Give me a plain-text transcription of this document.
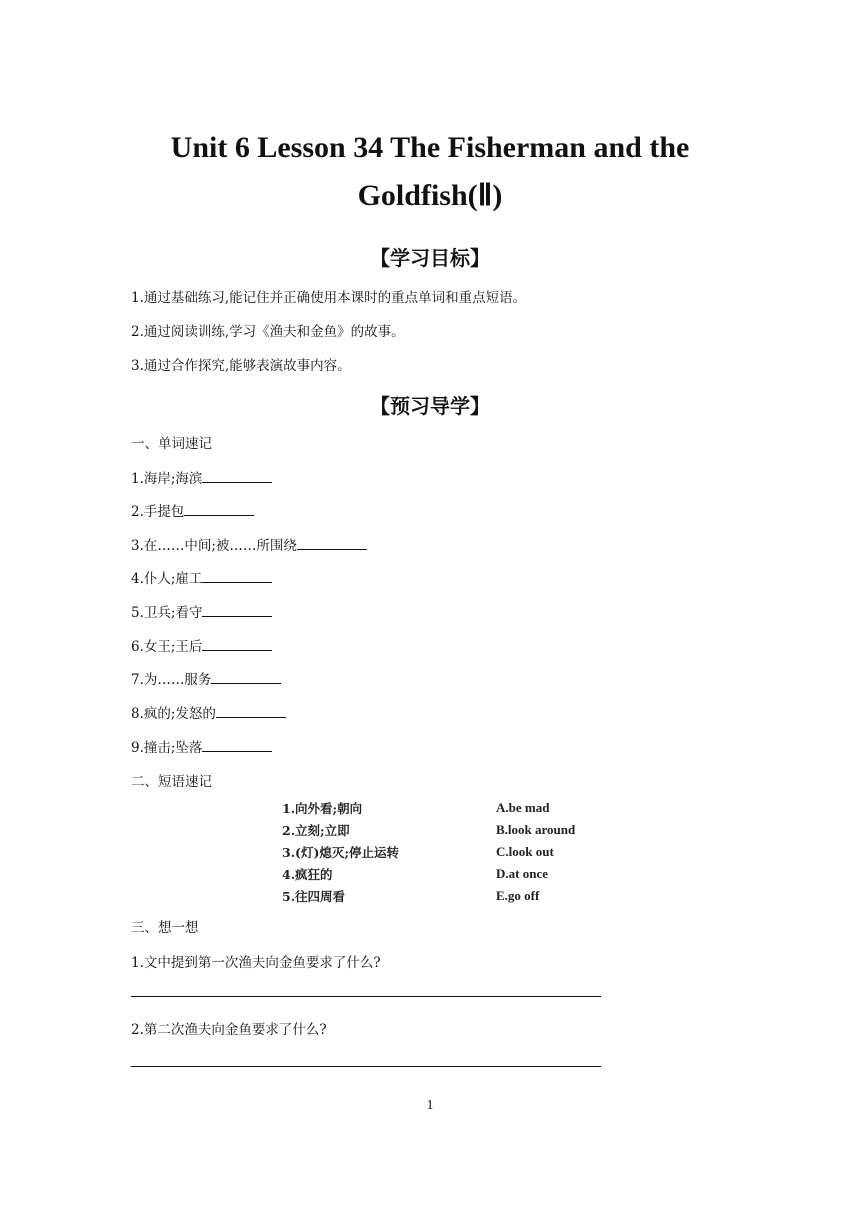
Unit 6 Lesson 34 The Fisherman and the
Goldfish(Ⅱ)
【学习目标】
1.通过基础练习,能记住并正确使用本课时的重点单词和重点短语。
2.通过阅读训练,学习《渔夫和金鱼》的故事。
3.通过合作探究,能够表演故事内容。
【预习导学】
一、单词速记
1.海岸;海滨
2.手提包
3.在……中间;被……所围绕
4.仆人;雇工
5.卫兵;看守
6.女王;王后
7.为……服务
8.疯的;发怒的
9.撞击;坠落
二、短语速记
1.向外看;朝向	A.be mad
2.立刻;立即	B.look around
3.(灯)熄灭;停止运转	C.look out
4.疯狂的	D.at once
5.往四周看	E.go off
三、想一想
1.文中提到第一次渔夫向金鱼要求了什么?
2.第二次渔夫向金鱼要求了什么?
1
